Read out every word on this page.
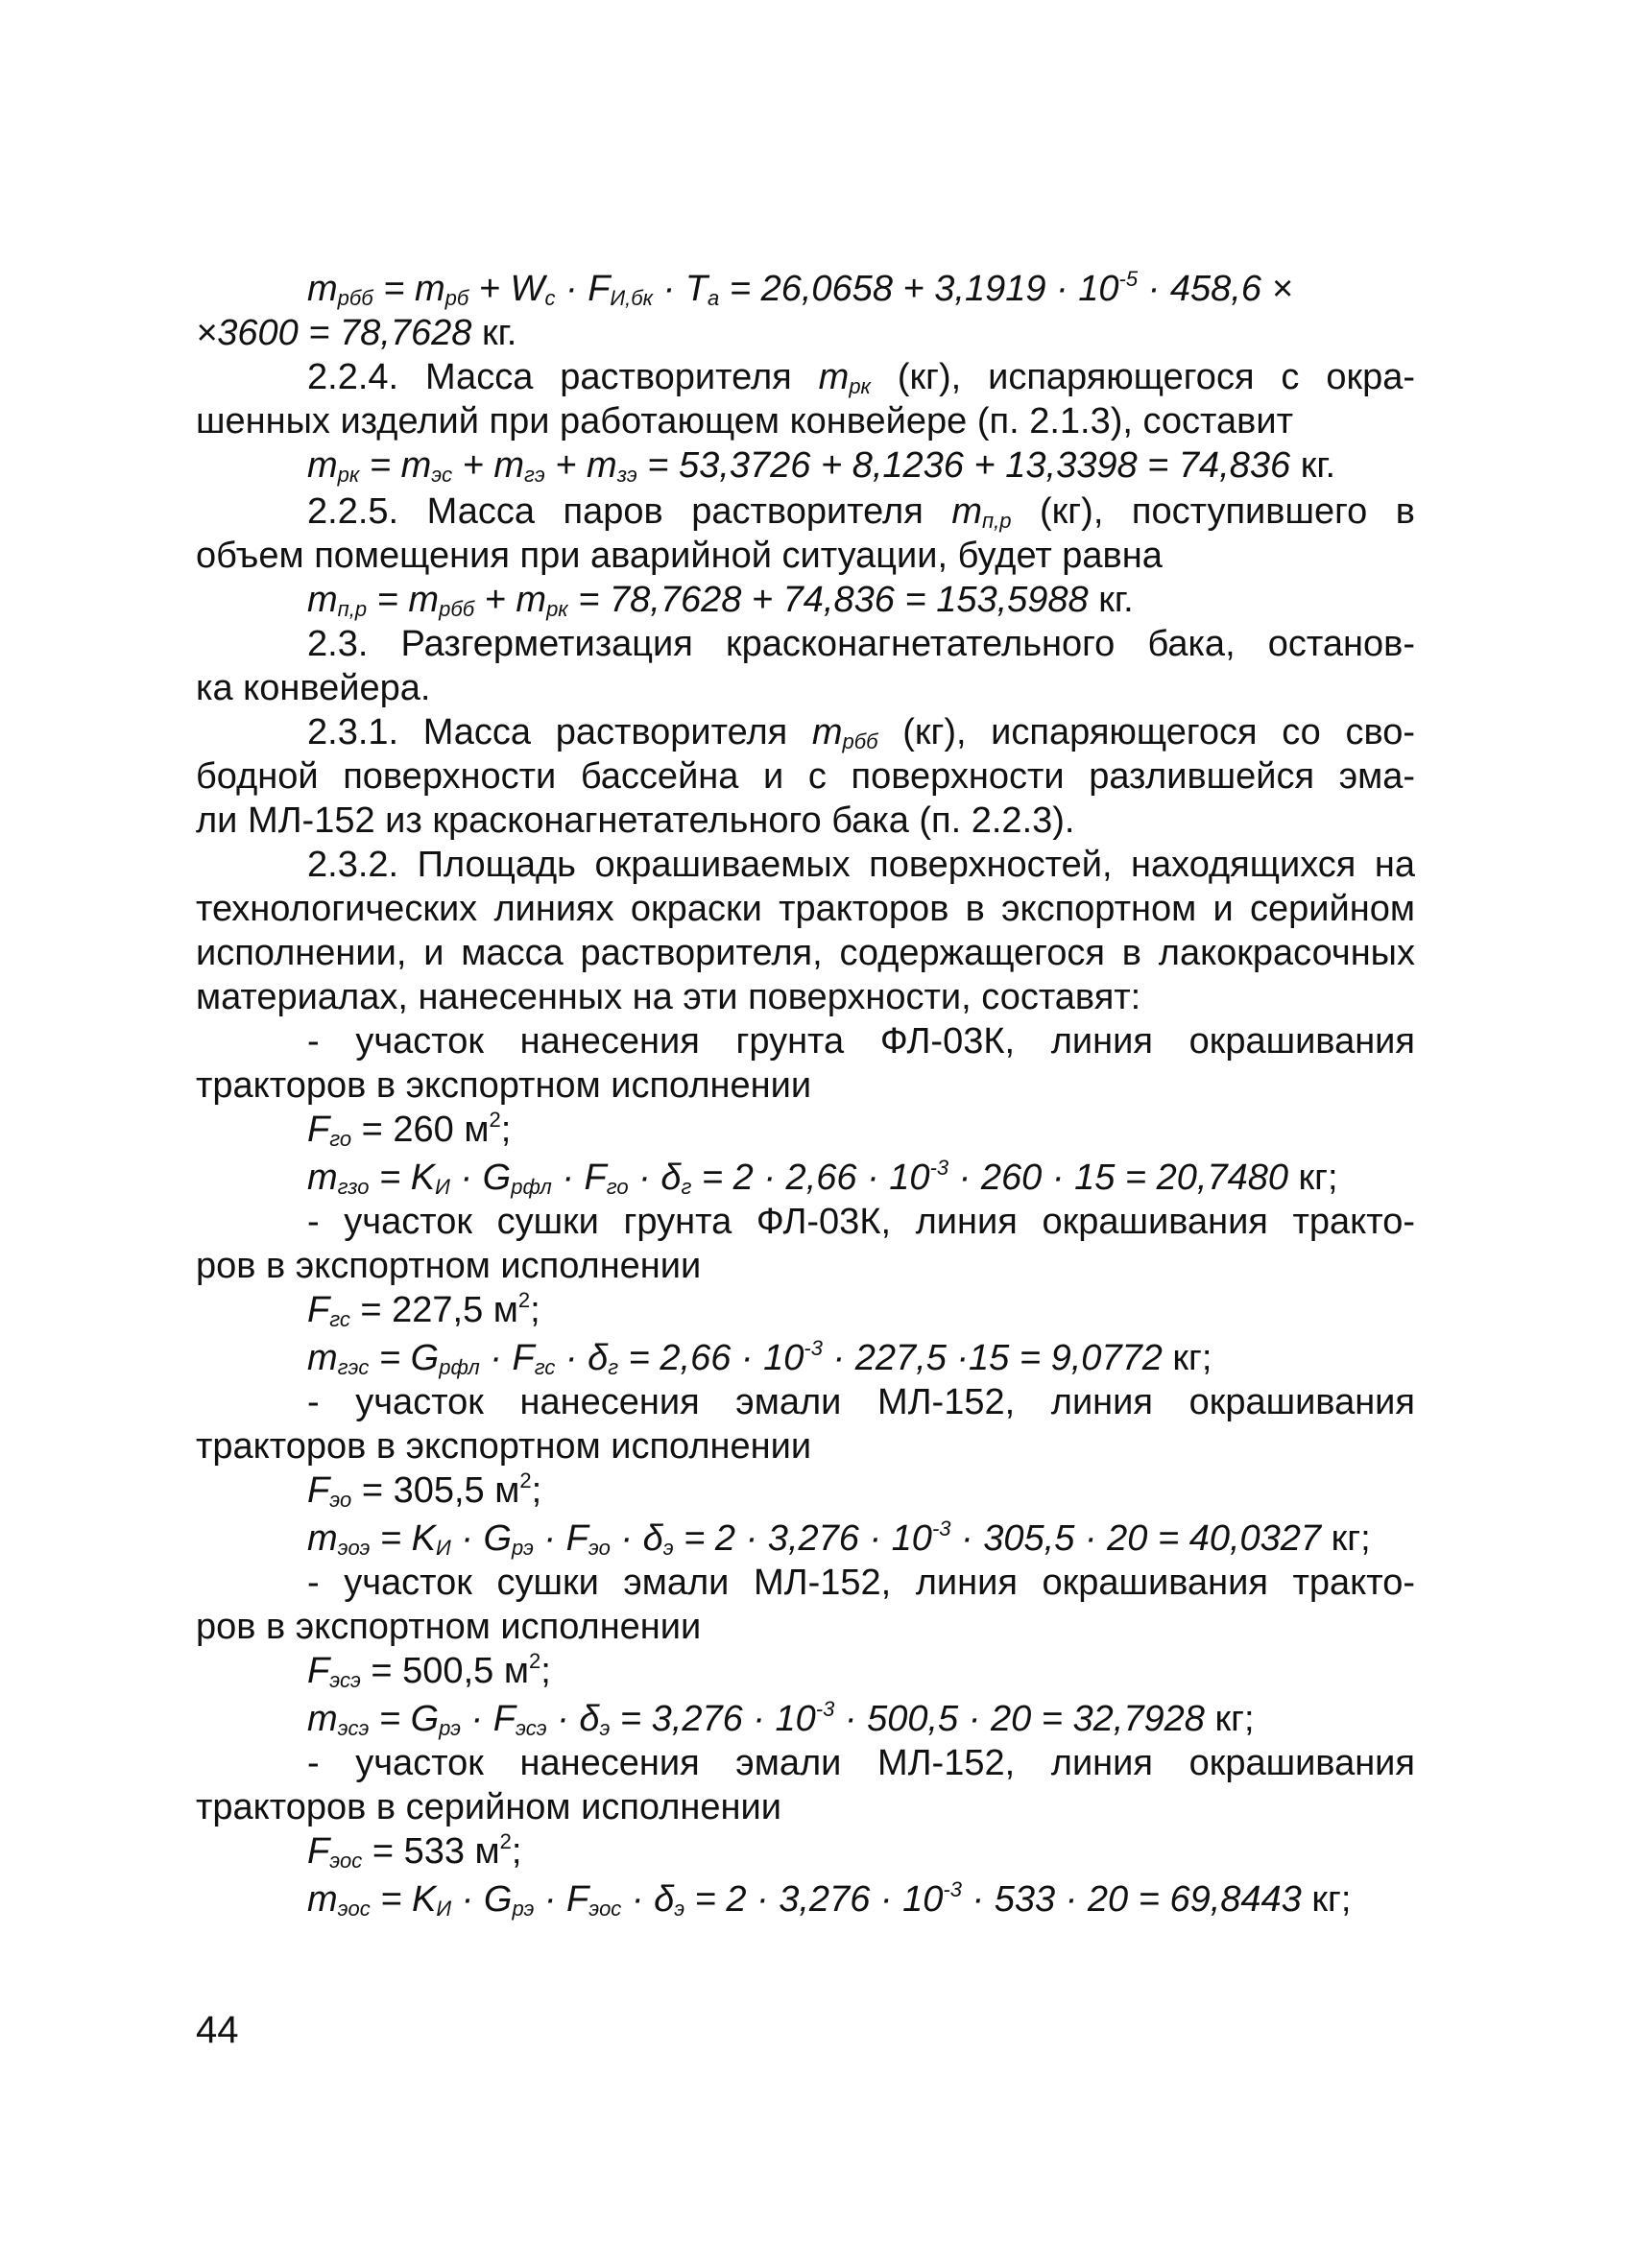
$m_{рбб} = m_{рб} + W_c \cdot F_{И,бк} \cdot T_a = 26,0658 + 3,1919 \cdot 10^{-5} \cdot 458,6$ ×
×3600 = 78,7628 кг.
2.2.4. Масса растворителя $m_{рк}$ (кг), испаряющегося с окра-
шенных изделий при работающем конвейере (п. 2.1.3), составит
$m_{рк} = m_{эс} + m_{гэ} + m_{зэ} = 53,3726 + 8,1236 + 13,3398 = 74,836$ кг.
2.2.5. Масса паров растворителя $m_{п,р}$ (кг), поступившего в
объем помещения при аварийной ситуации, будет равна
$m_{п,р} = m_{рбб} + m_{рк} = 78,7628 + 74,836 = 153,5988$ кг.
2.3. Разгерметизация красконагнетательного бака, останов-
ка конвейера.
2.3.1. Масса растворителя $m_{рбб}$ (кг), испаряющегося со сво-
бодной поверхности бассейна и с поверхности разлившейся эма-
ли МЛ-152 из красконагнетательного бака (п. 2.2.3).
2.3.2. Площадь окрашиваемых поверхностей, находящихся на
технологических линиях окраски тракторов в экспортном и серийном
исполнении, и масса растворителя, содержащегося в лакокрасочных
материалах, нанесенных на эти поверхности, составят:
- участок нанесения грунта ФЛ-03К, линия окрашивания
тракторов в экспортном исполнении
$F_{го} = 260$ $м^2$;
$m_{гзо} = K_И \cdot G_{рфл} \cdot F_{го} \cdot \delta_г = 2 \cdot 2,66 \cdot 10^{-3} \cdot 260 \cdot 15 = 20,7480$ кг;
- участок сушки грунта ФЛ-03К, линия окрашивания тракто-
ров в экспортном исполнении
$F_{гс} = 227,5$ $м^2$;
$m_{гэс} = G_{рфл} \cdot F_{гс} \cdot \delta_г = 2,66 \cdot 10^{-3} \cdot 227,5 \cdot 15 = 9,0772$ кг;
- участок нанесения эмали МЛ-152, линия окрашивания
тракторов в экспортном исполнении
$F_{эо} = 305,5$ $м^2$;
$m_{эоэ} = K_И \cdot G_{рэ} \cdot F_{эо} \cdot \delta_э = 2 \cdot 3,276 \cdot 10^{-3} \cdot 305,5 \cdot 20 = 40,0327$ кг;
- участок сушки эмали МЛ-152, линия окрашивания тракто-
ров в экспортном исполнении
$F_{эсэ} = 500,5$ $м^2$;
$m_{эсэ} = G_{рэ} \cdot F_{эсэ} \cdot \delta_э = 3,276 \cdot 10^{-3} \cdot 500,5 \cdot 20 = 32,7928$ кг;
- участок нанесения эмали МЛ-152, линия окрашивания
тракторов в серийном исполнении
$F_{эос} = 533$ $м^2$;
$m_{эос} = K_И \cdot G_{рэ} \cdot F_{эос} \cdot \delta_э = 2 \cdot 3,276 \cdot 10^{-3} \cdot 533 \cdot 20 = 69,8443$ кг;
44
